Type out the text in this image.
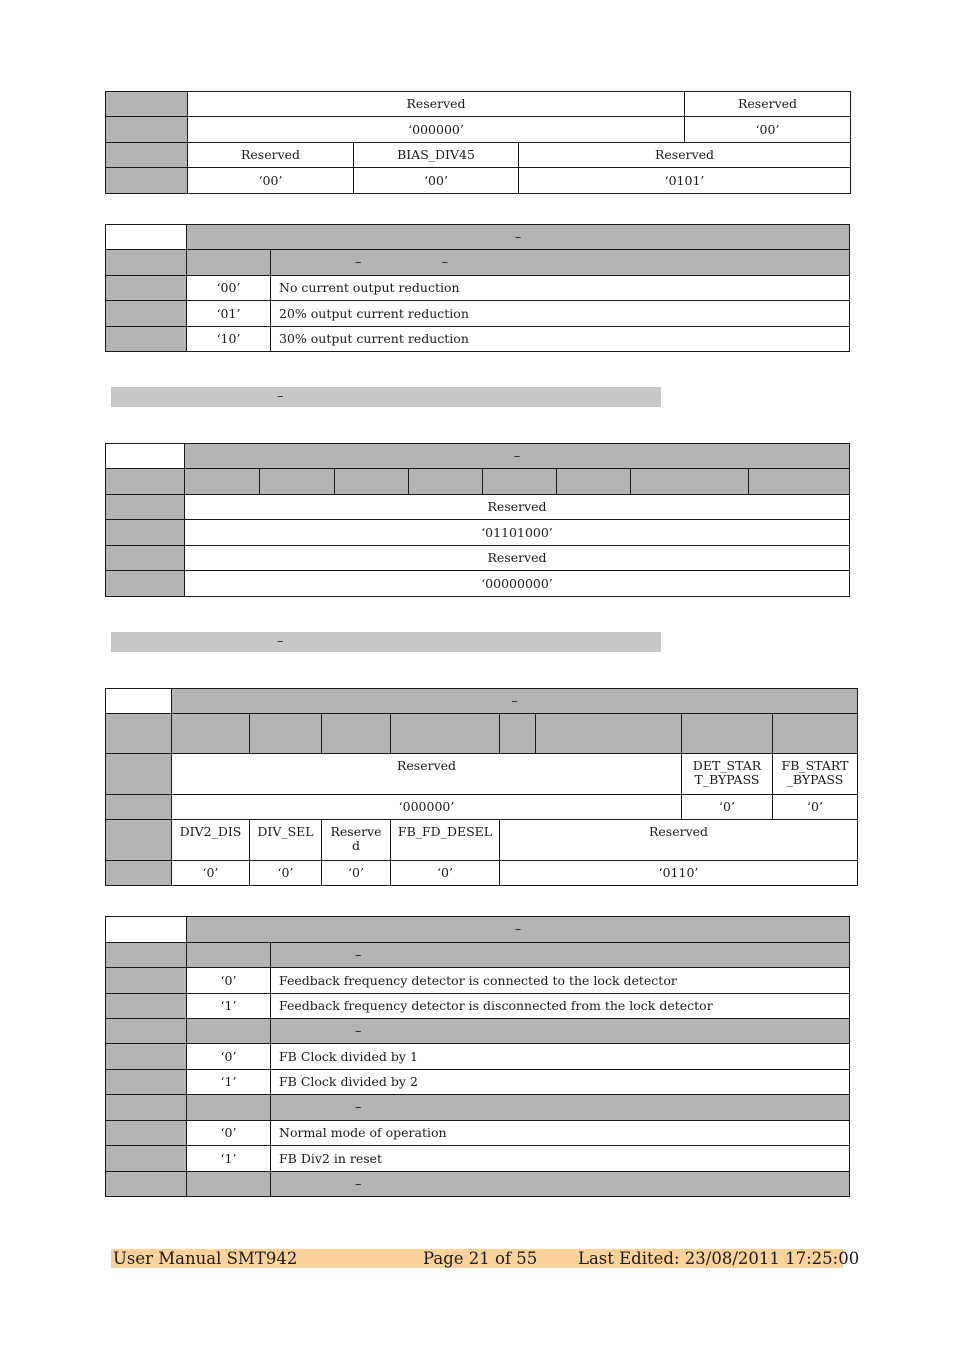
	Reserved			Reserved
	‘000000’			‘00’
	Reserved	BIAS_DIV45	Reserved	
	‘00’	‘00’	‘0101’	
	–	
		– –
	‘00’	No current output reduction
	‘01’	20% output current reduction
	‘10’	30% output current reduction
–
	–							

	Reserved							
	‘01101000’							
	Reserved							
	‘00000000’							
–
	–							

	Reserved						DET_STAR T_BYPASS	FB_START _BYPASS
	‘000000’						‘0’	‘0’
	DIV2_DIS	DIV_SEL	Reserve d	FB_FD_DESEL	Reserved			
	‘0’	‘0’	‘0’	‘0’	‘0110’			
	–	
		–
	‘0’	Feedback frequency detector is connected to the lock detector
	‘1’	Feedback frequency detector is disconnected from the lock detector
		–
	‘0’	FB Clock divided by 1
	‘1’	FB Clock divided by 2
		–
	‘0’	Normal mode of operation
	‘1’	FB Div2 in reset
		–
User Manual SMT942	Page 21 of 55 Last Edited: 23/08/2011 17:25:00
